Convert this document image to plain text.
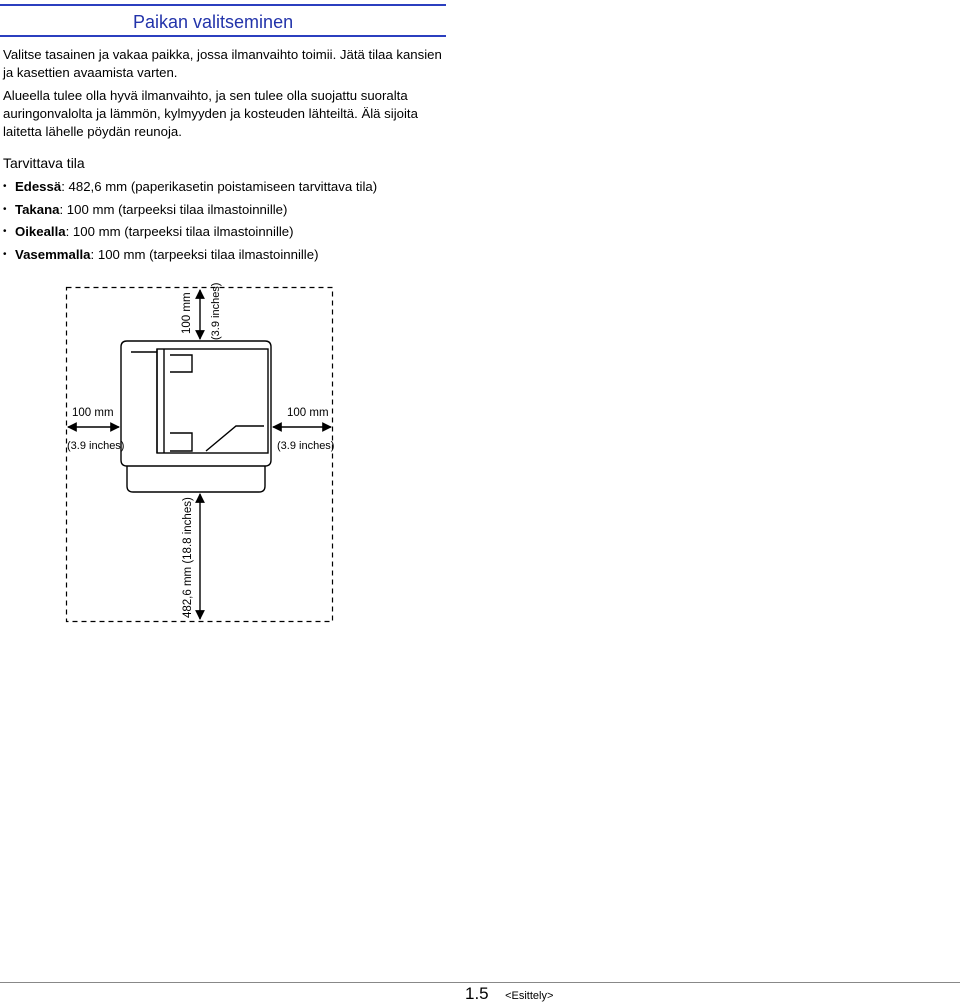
Paikan valitseminen
Valitse tasainen ja vakaa paikka, jossa ilmanvaihto toimii. Jätä tilaa kansien ja kasettien avaamista varten.
Alueella tulee olla hyvä ilmanvaihto, ja sen tulee olla suojattu suoralta auringonvalolta ja lämmön, kylmyyden ja kosteuden lähteiltä. Älä sijoita laitetta lähelle pöydän reunoja.
Tarvittava tila
• Edessä: 482,6 mm (paperikasetin poistamiseen tarvittava tila)
• Takana: 100 mm (tarpeeksi tilaa ilmastoinnille)
• Oikealla: 100 mm (tarpeeksi tilaa ilmastoinnille)
• Vasemmalla: 100 mm (tarpeeksi tilaa ilmastoinnille)
100 mm (3.9 inches)
100 mm
(3.9 inches)
100 mm
(3.9 inches)
482,6 mm (18.8 inches)
1.5 <Esittely>
